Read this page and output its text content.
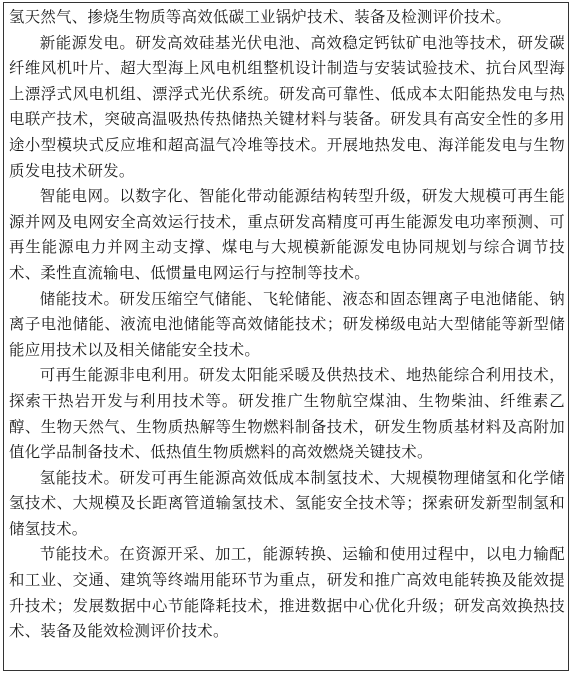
氢天然气、掺烧生物质等高效低碳工业锅炉技术、装备及检测评价技术。

新能源发电。研发高效硅基光伏电池、高效稳定钙钛矿电池等技术，研发碳纤维风机叶片、超大型海上风电机组整机设计制造与安装试验技术、抗台风型海上漂浮式风电机组、漂浮式光伏系统。研发高可靠性、低成本太阳能热发电与热电联产技术，突破高温吸热传热储热关键材料与装备。研发具有高安全性的多用途小型模块式反应堆和超高温气冷堆等技术。开展地热发电、海洋能发电与生物质发电技术研发。

智能电网。以数字化、智能化带动能源结构转型升级，研发大规模可再生能源并网及电网安全高效运行技术，重点研发高精度可再生能源发电功率预测、可再生能源电力并网主动支撑、煤电与大规模新能源发电协同规划与综合调节技术、柔性直流输电、低惯量电网运行与控制等技术。

储能技术。研发压缩空气储能、飞轮储能、液态和固态锂离子电池储能、钠离子电池储能、液流电池储能等高效储能技术；研发梯级电站大型储能等新型储能应用技术以及相关储能安全技术。

可再生能源非电利用。研发太阳能采暖及供热技术、地热能综合利用技术，探索干热岩开发与利用技术等。研发推广生物航空煤油、生物柴油、纤维素乙醇、生物天然气、生物质热解等生物燃料制备技术，研发生物质基材料及高附加值化学品制备技术、低热值生物质燃料的高效燃烧关键技术。

氢能技术。研发可再生能源高效低成本制氢技术、大规模物理储氢和化学储氢技术、大规模及长距离管道输氢技术、氢能安全技术等；探索研发新型制氢和储氢技术。

节能技术。在资源开采、加工，能源转换、运输和使用过程中，以电力输配和工业、交通、建筑等终端用能环节为重点，研发和推广高效电能转换及能效提升技术；发展数据中心节能降耗技术，推进数据中心优化升级；研发高效换热技术、装备及能效检测评价技术。
